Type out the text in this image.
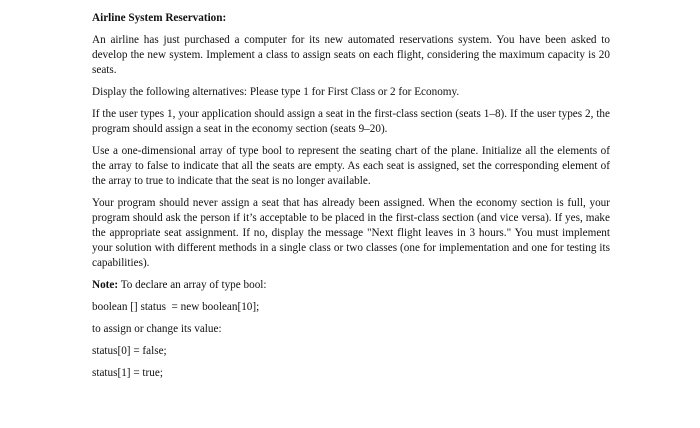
Airline System Reservation:

An airline has just purchased a computer for its new automated reservations system. You have been asked to develop the new system. Implement a class to assign seats on each flight, considering the maximum capacity is 20 seats.

Display the following alternatives: Please type 1 for First Class or 2 for Economy.

If the user types 1, your application should assign a seat in the first-class section (seats 1–8). If the user types 2, the program should assign a seat in the economy section (seats 9–20).

Use a one-dimensional array of type bool to represent the seating chart of the plane. Initialize all the elements of the array to false to indicate that all the seats are empty. As each seat is assigned, set the corresponding element of the array to true to indicate that the seat is no longer available.

Your program should never assign a seat that has already been assigned. When the economy section is full, your program should ask the person if it’s acceptable to be placed in the first-class section (and vice versa). If yes, make the appropriate seat assignment. If no, display the message "Next flight leaves in 3 hours." You must implement your solution with different methods in a single class or two classes (one for implementation and one for testing its capabilities).

Note: To declare an array of type bool:

boolean [] status  = new boolean[10];

to assign or change its value:

status[0] = false;

status[1] = true;
